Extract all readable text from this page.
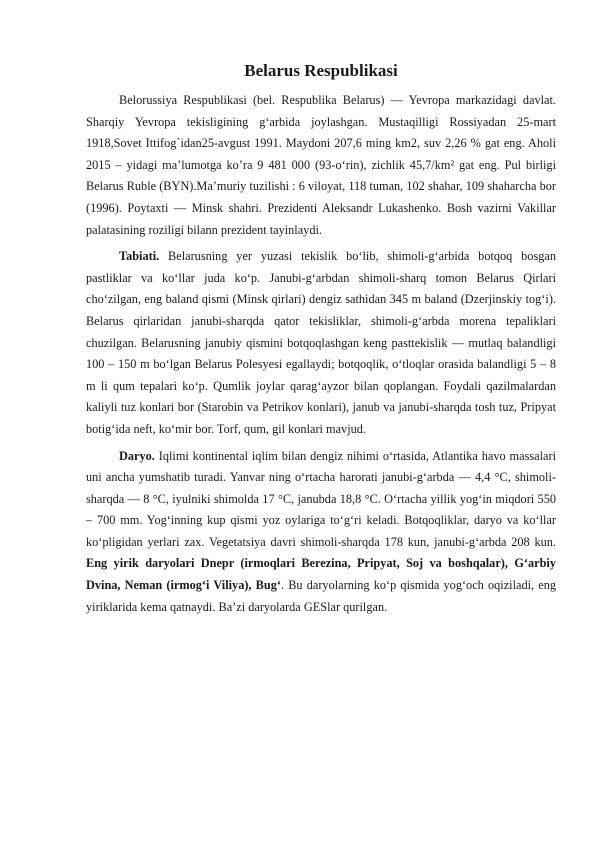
Belarus Respublikasi

Belorussiya Respublikasi (bel. Respublika Belarus) — Yevropa markazidagi davlat. Sharqiy Yevropa tekisligining g‘arbida joylashgan. Mustaqilligi Rossiyadan 25-mart 1918,Sovet Ittifog`idan25-avgust 1991. Maydoni 207,6 ming km2, suv 2,26 % gat eng. Aholi 2015 – yidagi ma’lumotga ko’ra 9 481 000 (93-o‘rin), zichlik 45,7/km² gat eng. Pul birligi Belarus Ruble (BYN).Ma’muriy tuzilishi : 6 viloyat, 118 tuman, 102 shahar, 109 shaharcha bor (1996). Poytaxti — Minsk shahri. Prezidenti Aleksandr Lukashenko. Bosh vazirni Vakillar palatasining roziligi bilann prezident tayinlaydi.

Tabiati. Belarusning yer yuzasi tekislik bo‘lib, shimoli-g‘arbida botqoq bosgan pastliklar va ko‘llar juda ko‘p. Janubi-g‘arbdan shimoli-sharq tomon Belarus Qirlari cho‘zilgan, eng baland qismi (Minsk qirlari) dengiz sathidan 345 m baland (Dzerjinskiy tog‘i). Belarus qirlaridan janubi-sharqda qator tekisliklar, shimoli-g‘arbda morena tepaliklari chuzilgan. Belarusning janubiy qismini botqoqlashgan keng pasttekislik — mutlaq balandligi 100 – 150 m bo‘lgan Belarus Polesyesi egallaydi; botqoqlik, o‘tloqlar orasida balandligi 5 – 8 m li qum tepalari ko‘p. Qumlik joylar qarag‘ayzor bilan qoplangan. Foydali qazilmalardan kaliyli tuz konlari bor (Starobin va Petrikov konlari), janub va janubi-sharqda tosh tuz, Pripyat botig‘ida neft, ko‘mir bor. Torf, qum, gil konlari mavjud.

Daryo. Iqlimi kontinental iqlim bilan dengiz nihimi o‘rtasida, Atlantika havo massalari uni ancha yumshatib turadi. Yanvar ning o‘rtacha harorati janubi-g‘arbda — 4,4 °C, shimoli-sharqda — 8 °C, iyulniki shimolda 17 °C, janubda 18,8 °C. O‘rtacha yillik yog‘in miqdori 550 – 700 mm. Yog‘inning kup qismi yoz oylariga to‘g‘ri keladi. Botqoqliklar, daryo va ko‘llar ko‘pligidan yerlari zax. Vegetatsiya davri shimoli-sharqda 178 kun, janubi-g‘arbda 208 kun. Eng yirik daryolari Dnepr (irmoqlari Berezina, Pripyat, Soj va boshqalar), G‘arbiy Dvina, Neman (irmog‘i Viliya), Bug‘. Bu daryolarning ko‘p qismida yog‘och oqiziladi, eng yiriklarida kema qatnaydi. Ba’zi daryolarda GESlar qurilgan.
